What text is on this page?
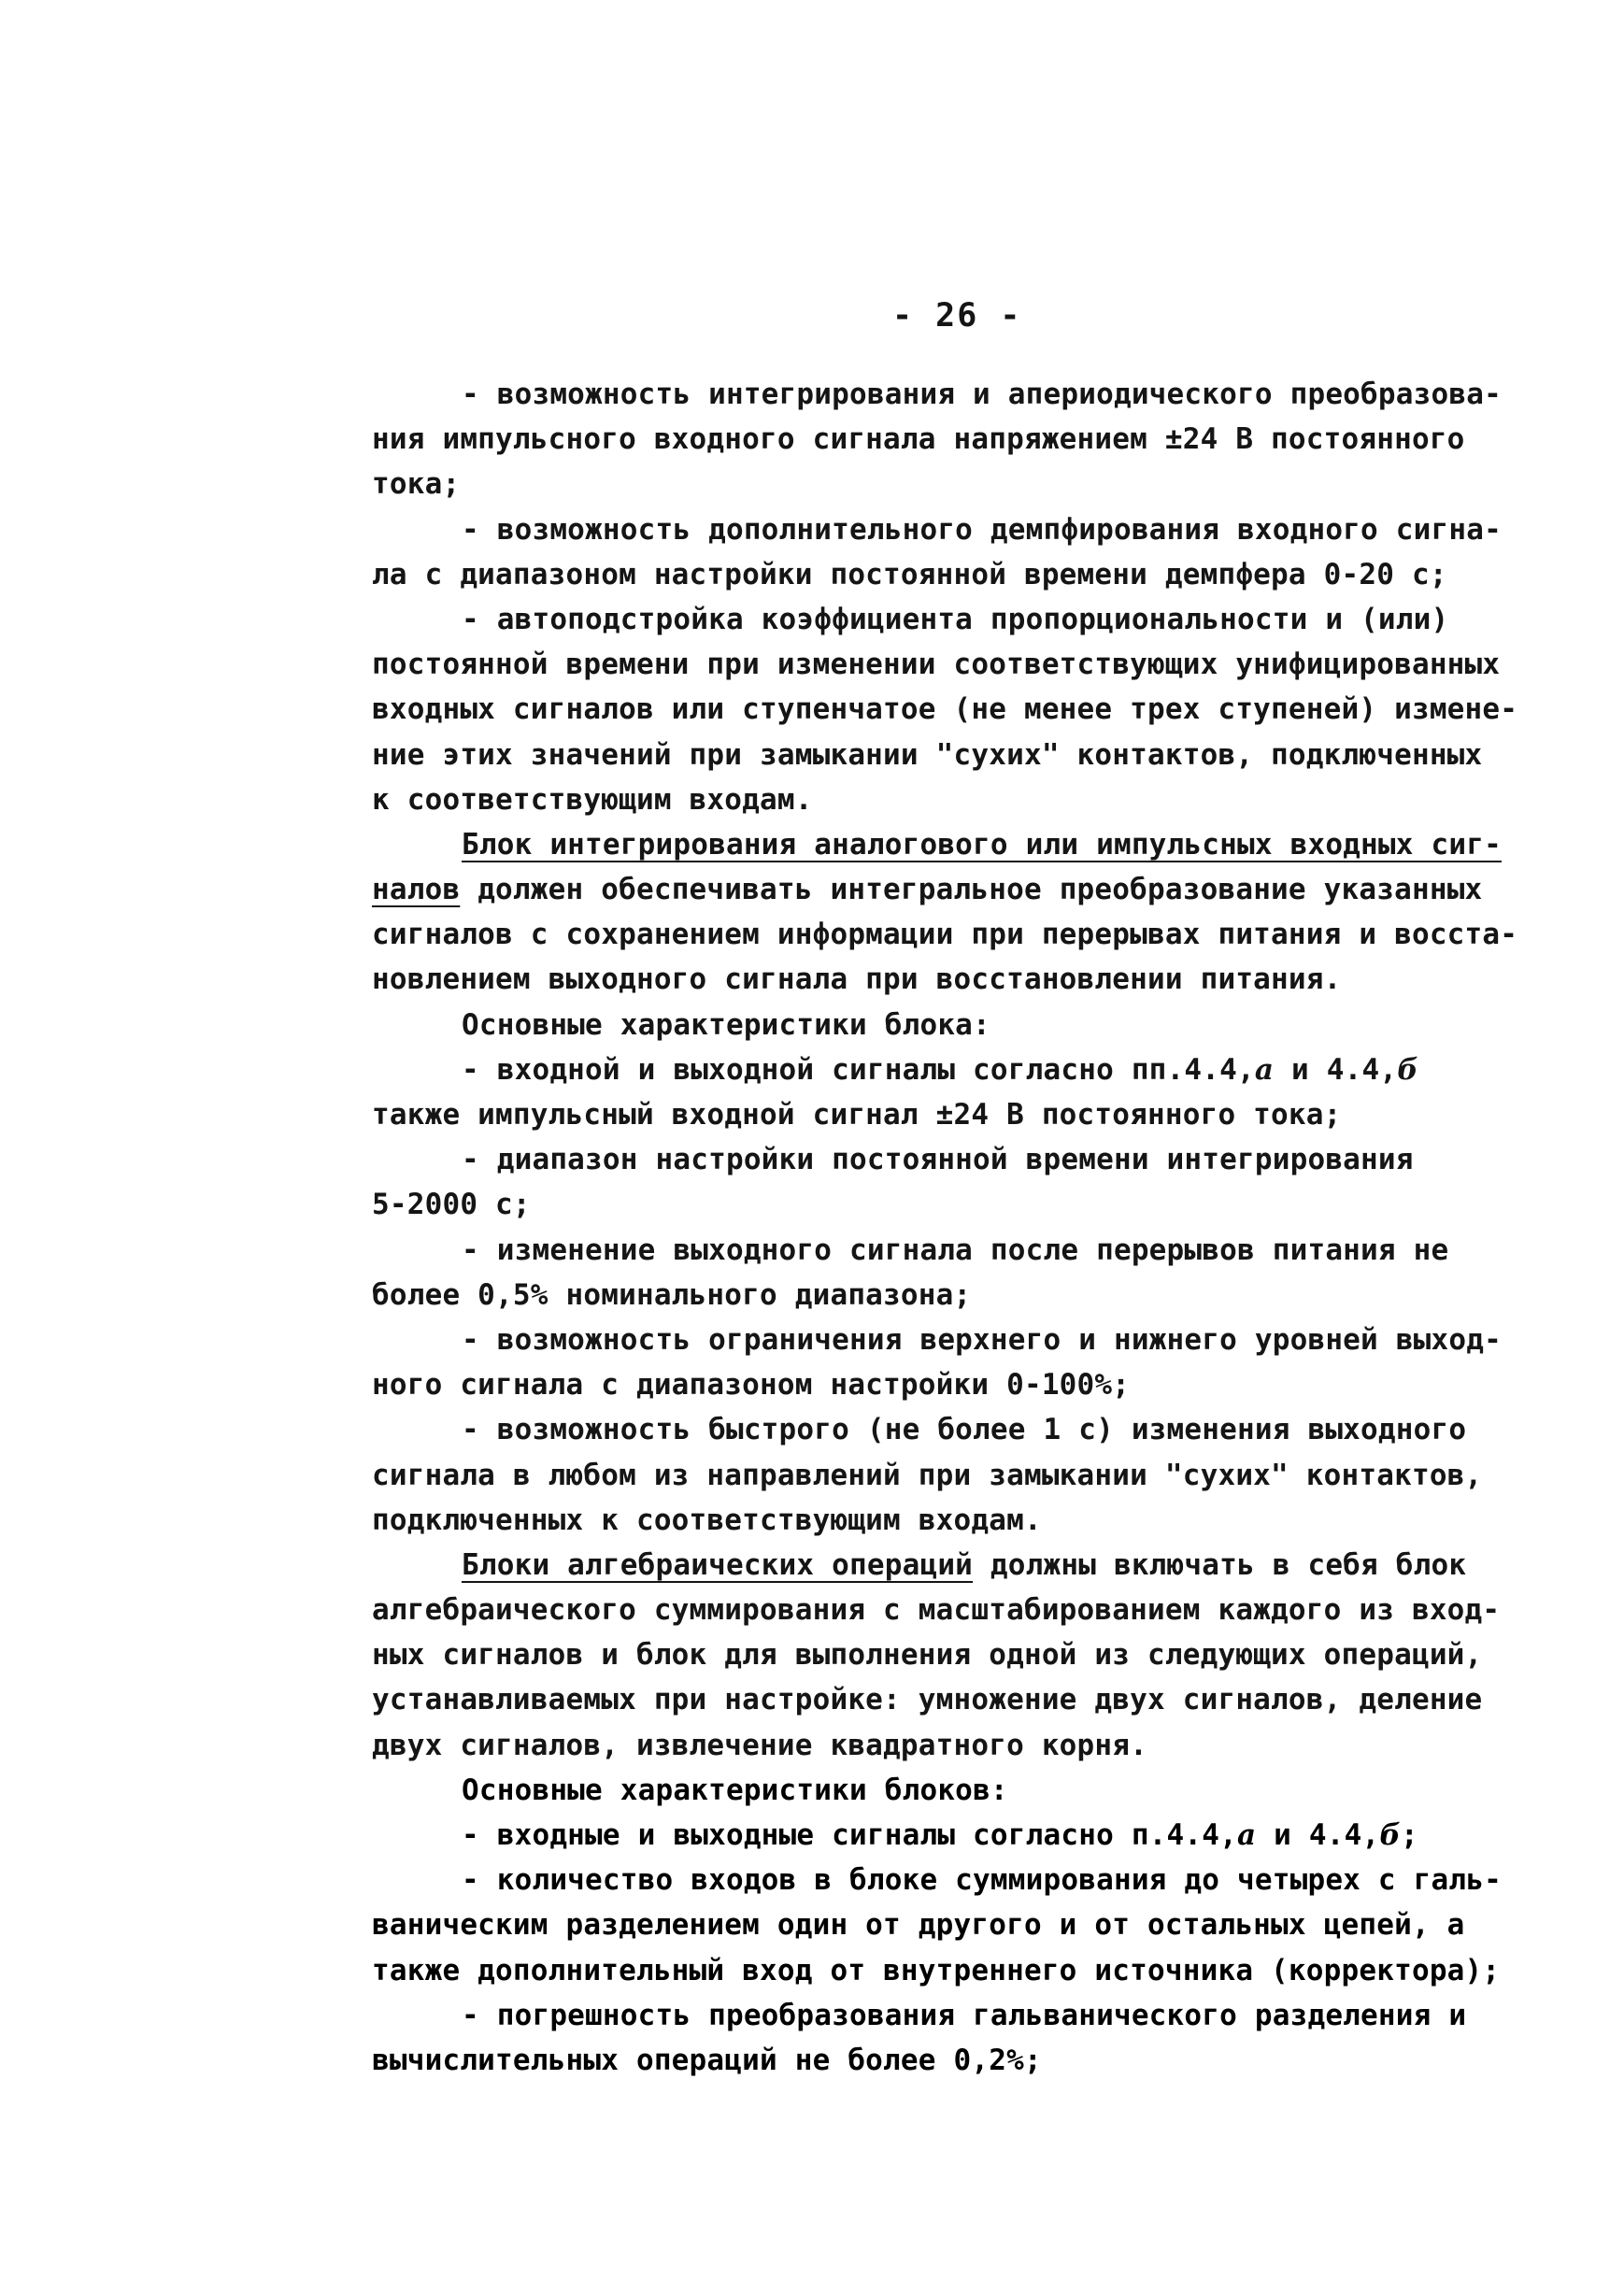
- 26 -
- возможность интегрирования и апериодического преобразова-
ния импульсного входного сигнала напряжением ±24 В постоянного
тока;
- возможность дополнительного демпфирования входного сигна-
ла с диапазоном настройки постоянной времени демпфера 0-20 с;
- автоподстройка коэффициента пропорциональности и (или)
постоянной времени при изменении соответствующих унифицированных
входных сигналов или ступенчатое (не менее трех ступеней) измене-
ние этих значений при замыкании "сухих" контактов, подключенных
к соответствующим входам.
Блок интегрирования аналогового или импульсных входных сиг-
налов должен обеспечивать интегральное преобразование указанных
сигналов с сохранением информации при перерывах питания и восста-
новлением выходного сигнала при восстановлении питания.
Основные характеристики блока:
- входной и выходной сигналы согласно пп.4.4,а и 4.4,б
также импульсный входной сигнал ±24 В постоянного тока;
- диапазон настройки постоянной времени интегрирования
5-2000 с;
- изменение выходного сигнала после перерывов питания не
более 0,5% номинального диапазона;
- возможность ограничения верхнего и нижнего уровней выход-
ного сигнала с диапазоном настройки 0-100%;
- возможность быстрого (не более 1 с) изменения выходного
сигнала в любом из направлений при замыкании "сухих" контактов,
подключенных к соответствующим входам.
Блоки алгебраических операций должны включать в себя блок
алгебраического суммирования с масштабированием каждого из вход-
ных сигналов и блок для выполнения одной из следующих операций,
устанавливаемых при настройке: умножение двух сигналов, деление
двух сигналов, извлечение квадратного корня.
Основные характеристики блоков:
- входные и выходные сигналы согласно п.4.4,а и 4.4,б;
- количество входов в блоке суммирования до четырех с галь-
ваническим разделением один от другого и от остальных цепей, а
также дополнительный вход от внутреннего источника (корректора);
- погрешность преобразования гальванического разделения и
вычислительных операций не более 0,2%;
